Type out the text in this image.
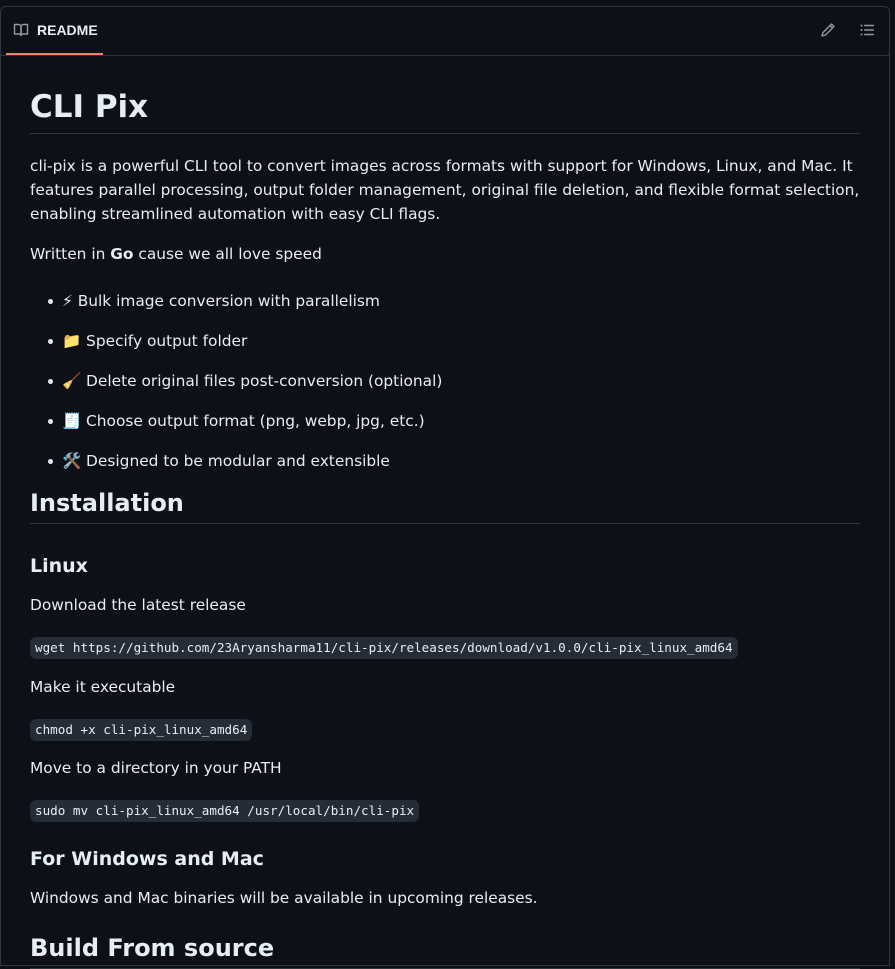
README
CLI Pix

cli-pix is a powerful CLI tool to convert images across formats with support for Windows, Linux, and Mac. It features parallel processing, output folder management, original file deletion, and flexible format selection, enabling streamlined automation with easy CLI flags.

Written in Go cause we all love speed

⚡ Bulk image conversion with parallelism
📁 Specify output folder
🧹 Delete original files post-conversion (optional)
🧾 Choose output format (png, webp, jpg, etc.)
🛠️ Designed to be modular and extensible
Installation
Linux

Download the latest release

wget https://github.com/23Aryansharma11/cli-pix/releases/download/v1.0.0/cli-pix_linux_amd64

Make it executable

chmod +x cli-pix_linux_amd64

Move to a directory in your PATH

sudo mv cli-pix_linux_amd64 /usr/local/bin/cli-pix
For Windows and Mac

Windows and Mac binaries will be available in upcoming releases.

Build From source
